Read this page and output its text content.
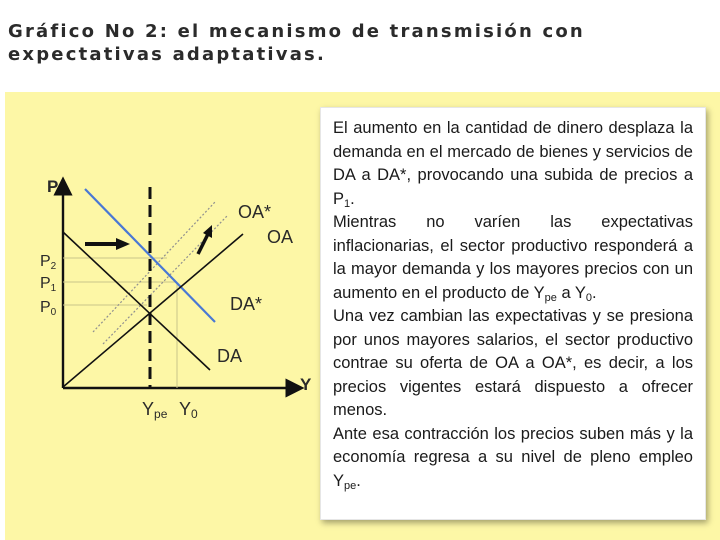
Gráfico No 2: el mecanismo de transmisión con expectativas adaptativas.
P
Y
OA*
OA
DA*
DA
P2
P1
P0
Ype Y0

El aumento en la cantidad de dinero desplaza la demanda en el mercado de bienes y servicios de DA a DA*, provocando una subida de precios a $P_1$.

Mientras no varíen las expectativas inflacionarias, el sector productivo responderá a la mayor demanda y los mayores precios con un aumento en el producto de $Y_{pe}$ a $Y_0$.

Una vez cambian las expectativas y se presiona por unos mayores salarios, el sector productivo contrae su oferta de OA a OA*, es decir, a los precios vigentes estará dispuesto a ofrecer menos.

Ante esa contracción los precios suben más y la economía regresa a su nivel de pleno empleo $Y_{pe}$.
